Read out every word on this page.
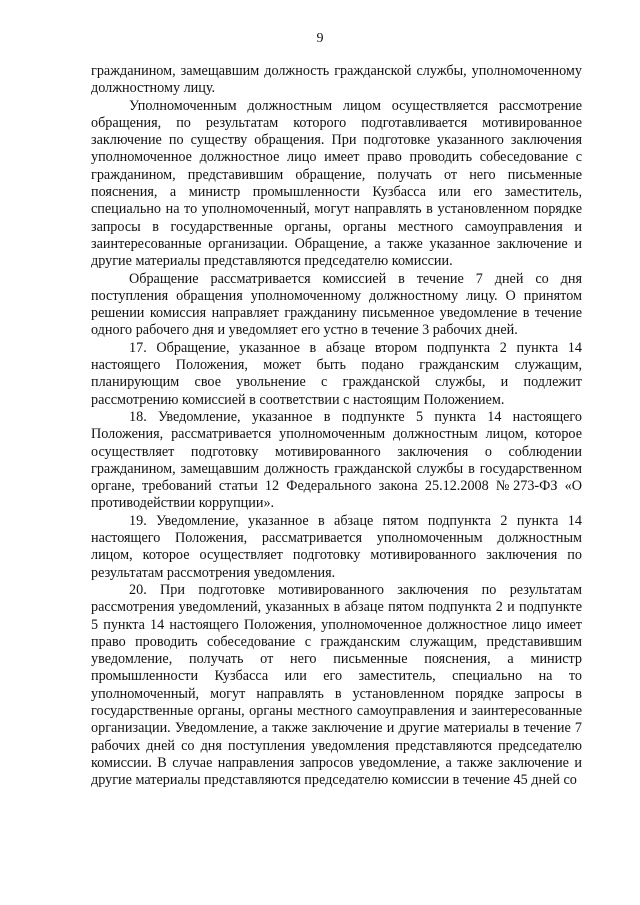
9

гражданином, замещавшим должность гражданской службы, уполномоченному должностному лицу.

Уполномоченным должностным лицом осуществляется рассмотрение обращения, по результатам которого подготавливается мотивированное заключение по существу обращения. При подготовке указанного заключения уполномоченное должностное лицо имеет право проводить собеседование с гражданином, представившим обращение, получать от него письменные пояснения, а министр промышленности Кузбасса или его заместитель, специально на то уполномоченный, могут направлять в установленном порядке запросы в государственные органы, органы местного самоуправления и заинтересованные организации. Обращение, а также указанное заключение и другие материалы представляются председателю комиссии.

Обращение рассматривается комиссией в течение 7 дней со дня поступления обращения уполномоченному должностному лицу. О принятом решении комиссия направляет гражданину письменное уведомление в течение одного рабочего дня и уведомляет его устно в течение 3 рабочих дней.

17. Обращение, указанное в абзаце втором подпункта 2 пункта 14 настоящего Положения, может быть подано гражданским служащим, планирующим свое увольнение с гражданской службы, и подлежит рассмотрению комиссией в соответствии с настоящим Положением.

18. Уведомление, указанное в подпункте 5 пункта 14 настоящего Положения, рассматривается уполномоченным должностным лицом, которое осуществляет подготовку мотивированного заключения о соблюдении гражданином, замещавшим должность гражданской службы в государственном органе, требований статьи 12 Федерального закона 25.12.2008 №273-ФЗ «О противодействии коррупции».

19. Уведомление, указанное в абзаце пятом подпункта 2 пункта 14 настоящего Положения, рассматривается уполномоченным должностным лицом, которое осуществляет подготовку мотивированного заключения по результатам рассмотрения уведомления.

20. При подготовке мотивированного заключения по результатам рассмотрения уведомлений, указанных в абзаце пятом подпункта 2 и подпункте 5 пункта 14 настоящего Положения, уполномоченное должностное лицо имеет право проводить собеседование с гражданским служащим, представившим уведомление, получать от него письменные пояснения, а министр промышленности Кузбасса или его заместитель, специально на то уполномоченный, могут направлять в установленном порядке запросы в государственные органы, органы местного самоуправления и заинтересованные организации. Уведомление, а также заключение и другие материалы в течение 7 рабочих дней со дня поступления уведомления представляются председателю комиссии. В случае направления запросов уведомление, а также заключение и другие материалы представляются председателю комиссии в течение 45 дней со
